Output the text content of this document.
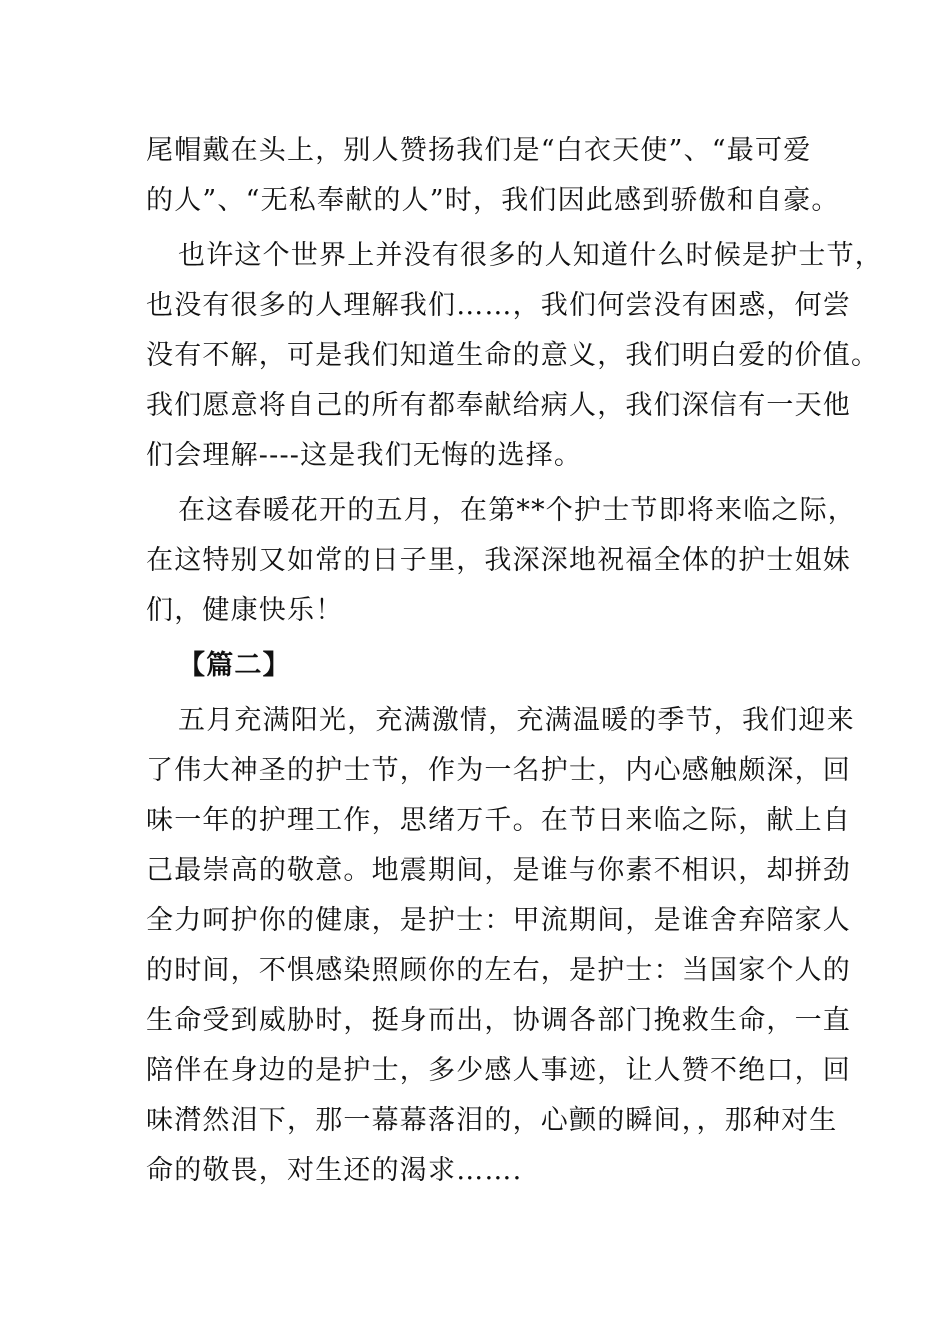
尾帽戴在头上，别人赞扬我们是“白衣天使”、“最可爱
的人”、“无私奉献的人”时，我们因此感到骄傲和自豪。
也许这个世界上并没有很多的人知道什么时候是护士节，
也没有很多的人理解我们……，我们何尝没有困惑，何尝
没有不解，可是我们知道生命的意义，我们明白爱的价值。
我们愿意将自己的所有都奉献给病人，我们深信有一天他
们会理解----这是我们无悔的选择。
在这春暖花开的五月，在第**个护士节即将来临之际，
在这特别又如常的日子里，我深深地祝福全体的护士姐妹
们，健康快乐！
【篇二】
五月充满阳光，充满激情，充满温暖的季节，我们迎来
了伟大神圣的护士节，作为一名护士，内心感触颇深，回
味一年的护理工作，思绪万千。在节日来临之际，献上自
己最崇高的敬意。地震期间，是谁与你素不相识，却拼劲
全力呵护你的健康，是护士：甲流期间，是谁舍弃陪家人
的时间，不惧感染照顾你的左右，是护士：当国家个人的
生命受到威胁时，挺身而出，协调各部门挽救生命，一直
陪伴在身边的是护士，多少感人事迹，让人赞不绝口，回
味潸然泪下，那一幕幕落泪的，心颤的瞬间，，那种对生
命的敬畏，对生还的渴求…….
